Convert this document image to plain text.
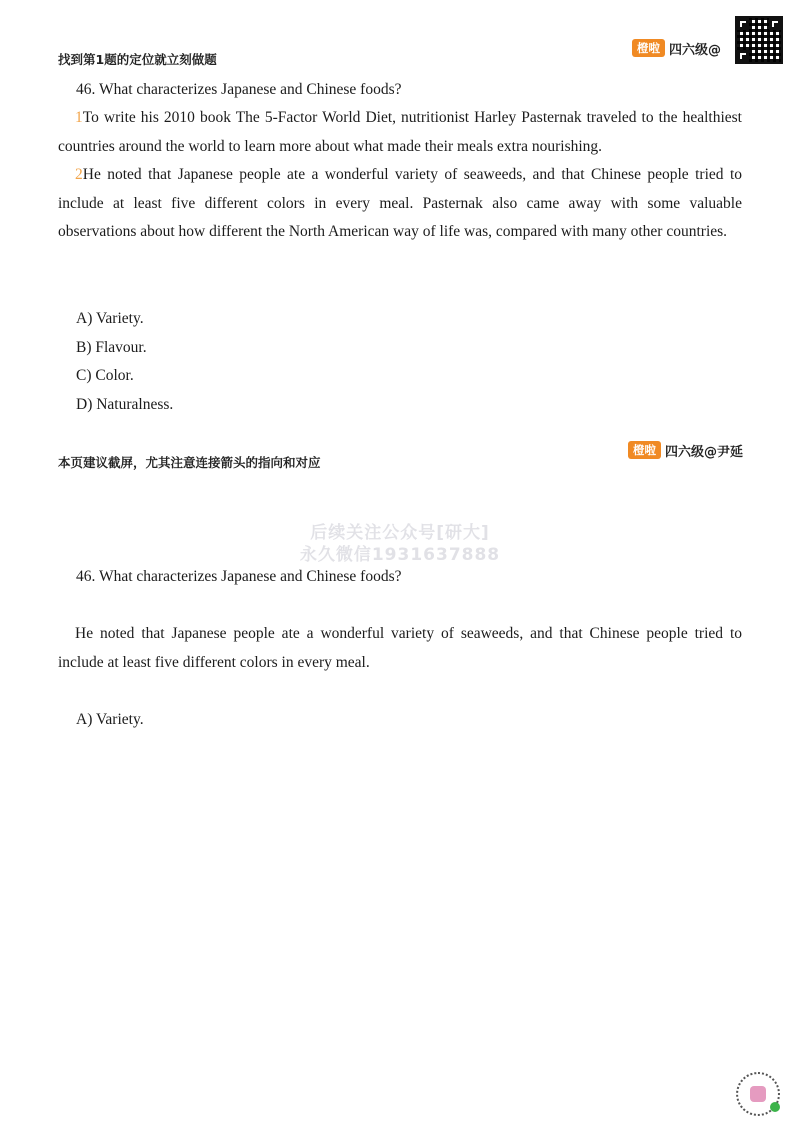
找到第1题的定位就立刻做题
橙啦 四六级@
46. What characterizes Japanese and Chinese foods?
1To write his 2010 book The 5-Factor World Diet, nutritionist Harley Pasternak traveled to the healthiest countries around the world to learn more about what made their meals extra nourishing.
2He noted that Japanese people ate a wonderful variety of seaweeds, and that Chinese people tried to include at least five different colors in every meal. Pasternak also came away with some valuable observations about how different the North American way of life was, compared with many other countries.
A) Variety.
B) Flavour.
C) Color.
D) Naturalness.
本页建议截屏，尤其注意连接箭头的指向和对应
橙啦 四六级@尹延
后续关注公众号[研大]
永久微信1931637888
46. What characterizes Japanese and Chinese foods?
He noted that Japanese people ate a wonderful variety of seaweeds, and that Chinese people tried to include at least five different colors in every meal.
A) Variety.
